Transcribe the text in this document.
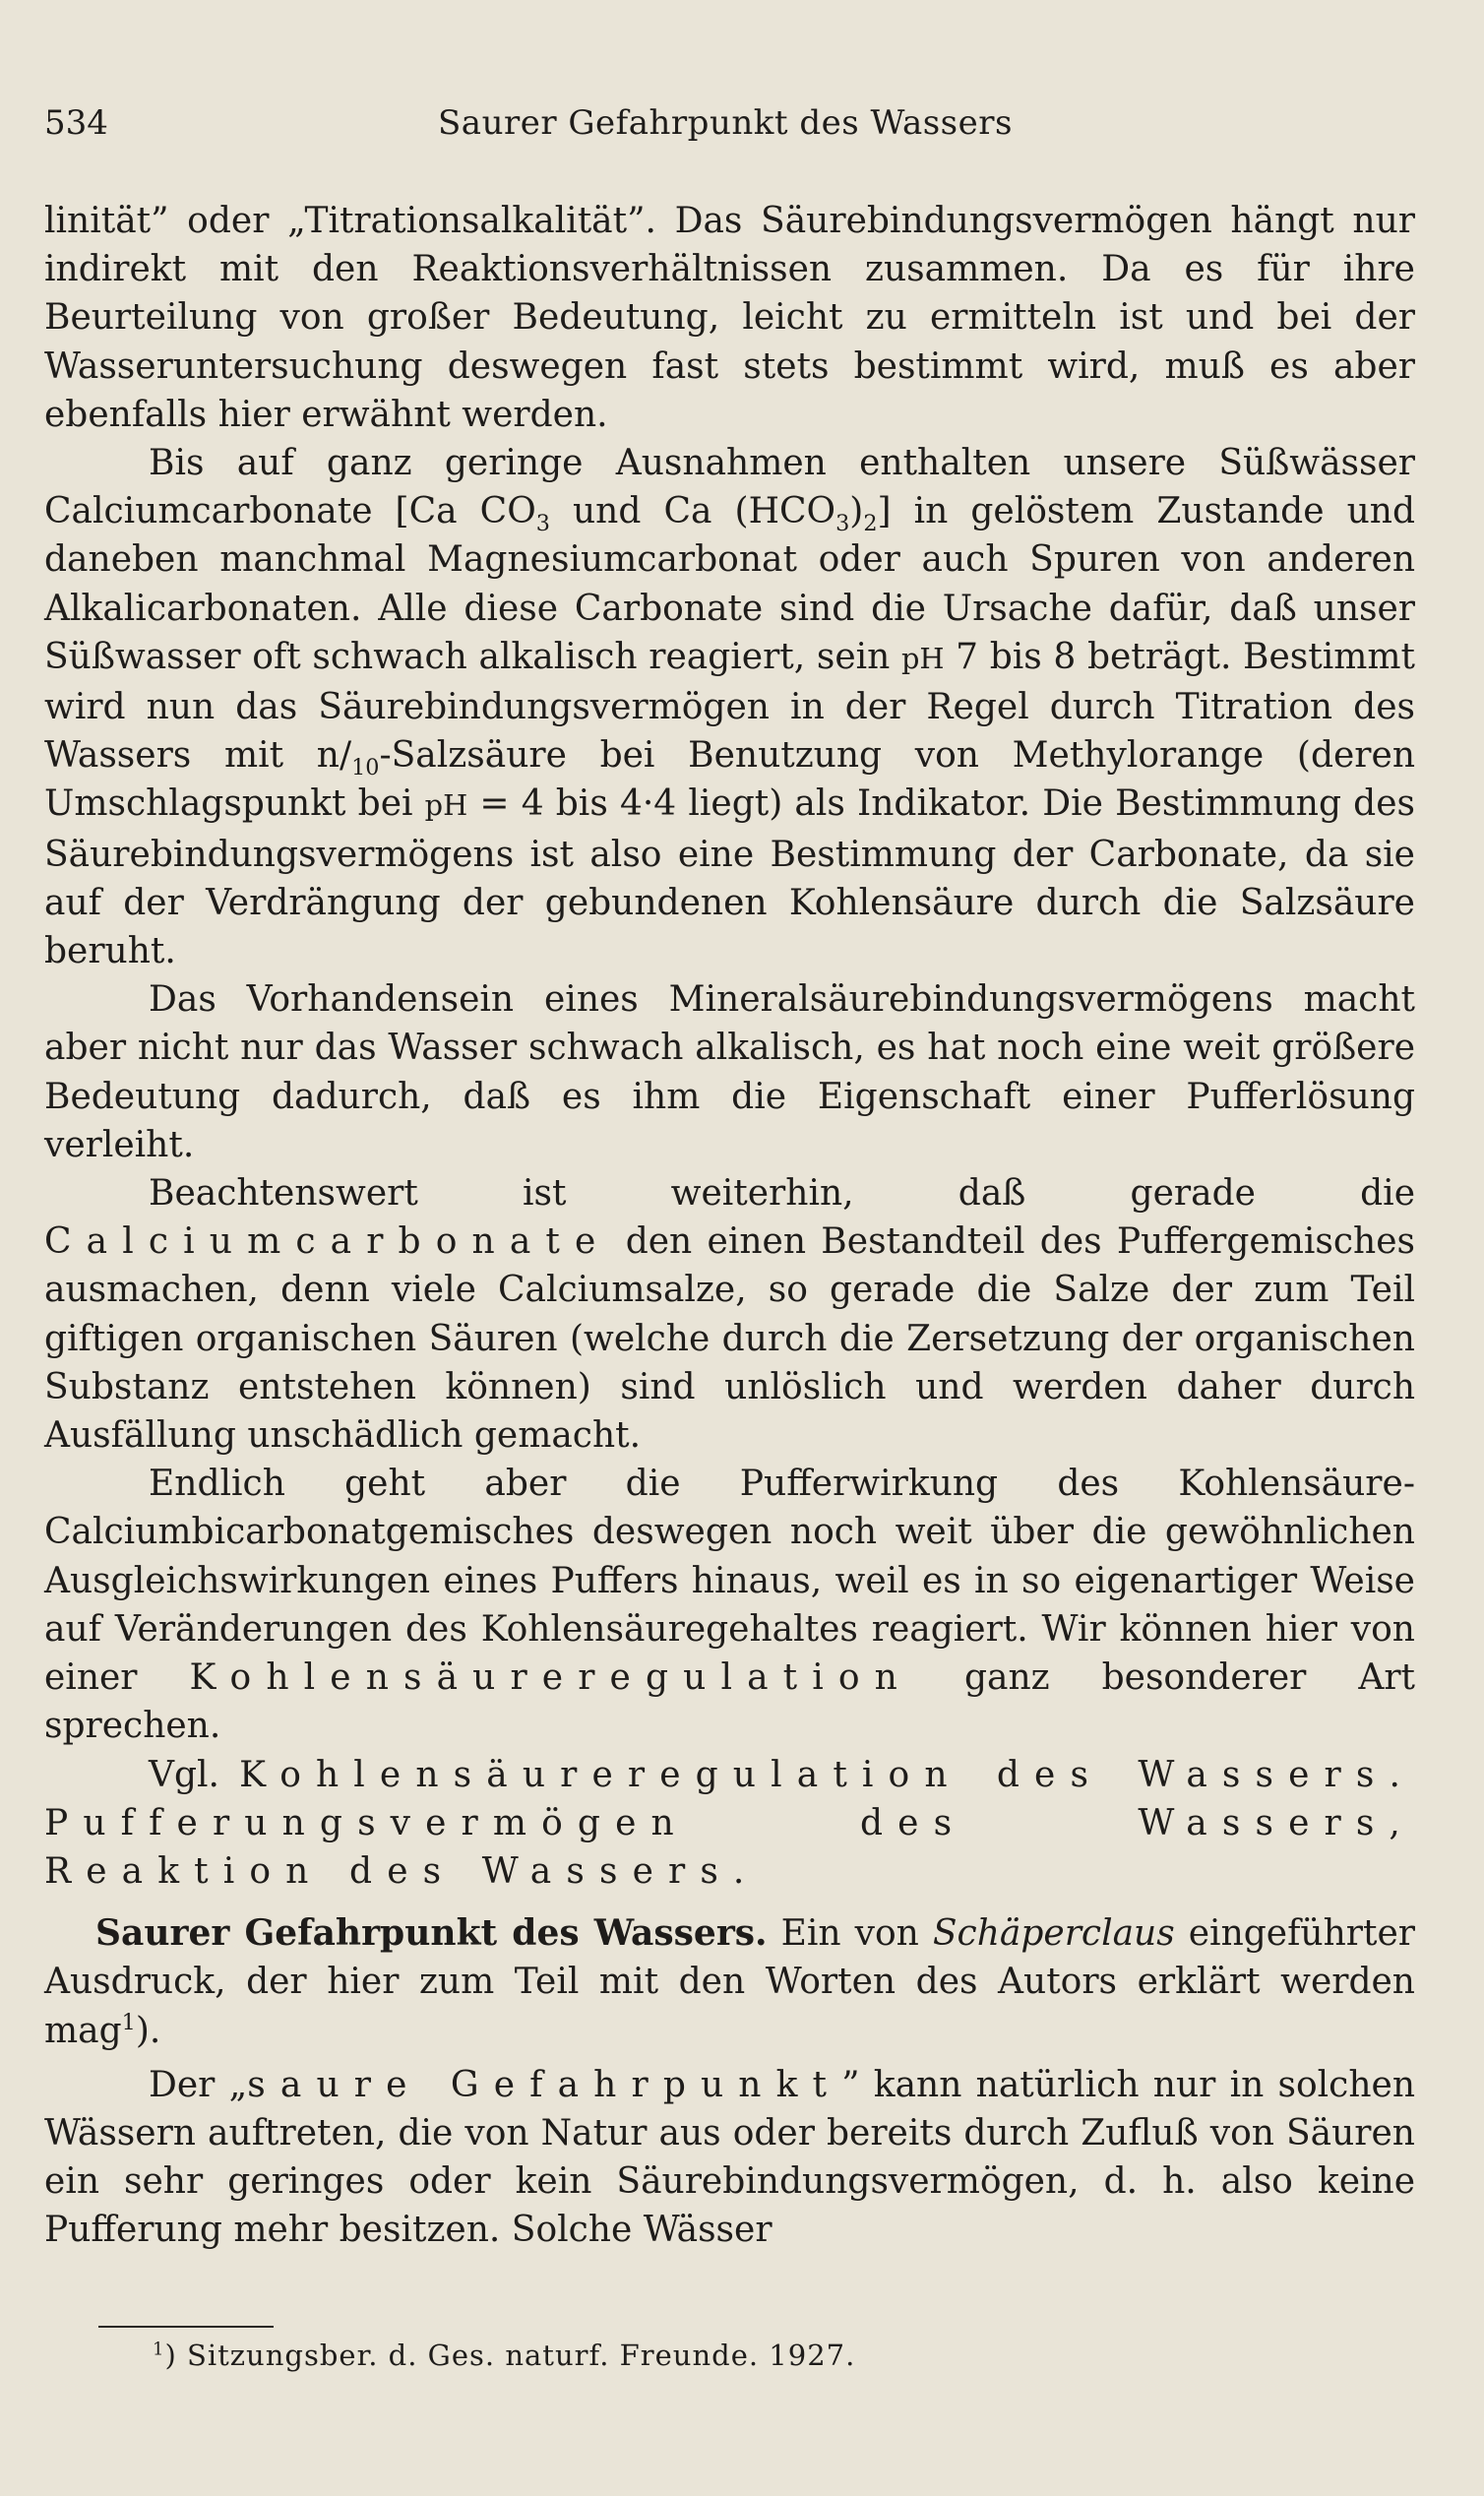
534	Saurer Gefahrpunkt des Wassers

linität” oder „Titrationsalkalität”. Das Säurebindungsvermögen hängt nur indirekt mit den Reaktionsverhältnissen zusammen. Da es für ihre Beurteilung von großer Bedeutung, leicht zu ermitteln ist und bei der Wasseruntersuchung deswegen fast stets bestimmt wird, muß es aber ebenfalls hier erwähnt werden.

Bis auf ganz geringe Ausnahmen enthalten unsere Süßwässer Calciumcarbonate [Ca $CO_3$ und Ca $(HCO_3)_2$] in gelöstem Zustande und daneben manchmal Magnesiumcarbonat oder auch Spuren von anderen Alkalicarbonaten. Alle diese Carbonate sind die Ursache dafür, daß unser Süßwasser oft schwach alkalisch reagiert, sein pH 7 bis 8 beträgt. Bestimmt wird nun das Säurebindungsvermögen in der Regel durch Titration des Wassers mit $n/_{10}$-Salzsäure bei Benutzung von Methylorange (deren Umschlagspunkt bei pH = 4 bis 4·4 liegt) als Indikator. Die Bestimmung des Säurebindungsvermögens ist also eine Bestimmung der Carbonate, da sie auf der Verdrängung der gebundenen Kohlensäure durch die Salzsäure beruht.

Das Vorhandensein eines Mineralsäurebindungsvermögens macht aber nicht nur das Wasser schwach alkalisch, es hat noch eine weit größere Bedeutung dadurch, daß es ihm die Eigenschaft einer Pufferlösung verleiht.

Beachtenswert ist weiterhin, daß gerade die Calciumcarbonate den einen Bestandteil des Puffergemisches ausmachen, denn viele Calciumsalze, so gerade die Salze der zum Teil giftigen organischen Säuren (welche durch die Zersetzung der organischen Substanz entstehen können) sind unlöslich und werden daher durch Ausfällung unschädlich gemacht.

Endlich geht aber die Pufferwirkung des Kohlensäure-Calciumbicarbonatgemisches deswegen noch weit über die gewöhnlichen Ausgleichswirkungen eines Puffers hinaus, weil es in so eigenartiger Weise auf Veränderungen des Kohlensäuregehaltes reagiert. Wir können hier von einer Kohlensäureregulation ganz besonderer Art sprechen.

Vgl. Kohlensäureregulation des Wassers. Pufferungsvermögen des Wassers, Reaktion des Wassers.

Saurer Gefahrpunkt des Wassers. Ein von Schäperclaus eingeführter Ausdruck, der hier zum Teil mit den Worten des Autors erklärt werden mag$^1$).

Der „saure Gefahrpunkt” kann natürlich nur in solchen Wässern auftreten, die von Natur aus oder bereits durch Zufluß von Säuren ein sehr geringes oder kein Säurebindungsvermögen, d. h. also keine Pufferung mehr besitzen. Solche Wässer

$^1$) Sitzungsber. d. Ges. naturf. Freunde. 1927.
